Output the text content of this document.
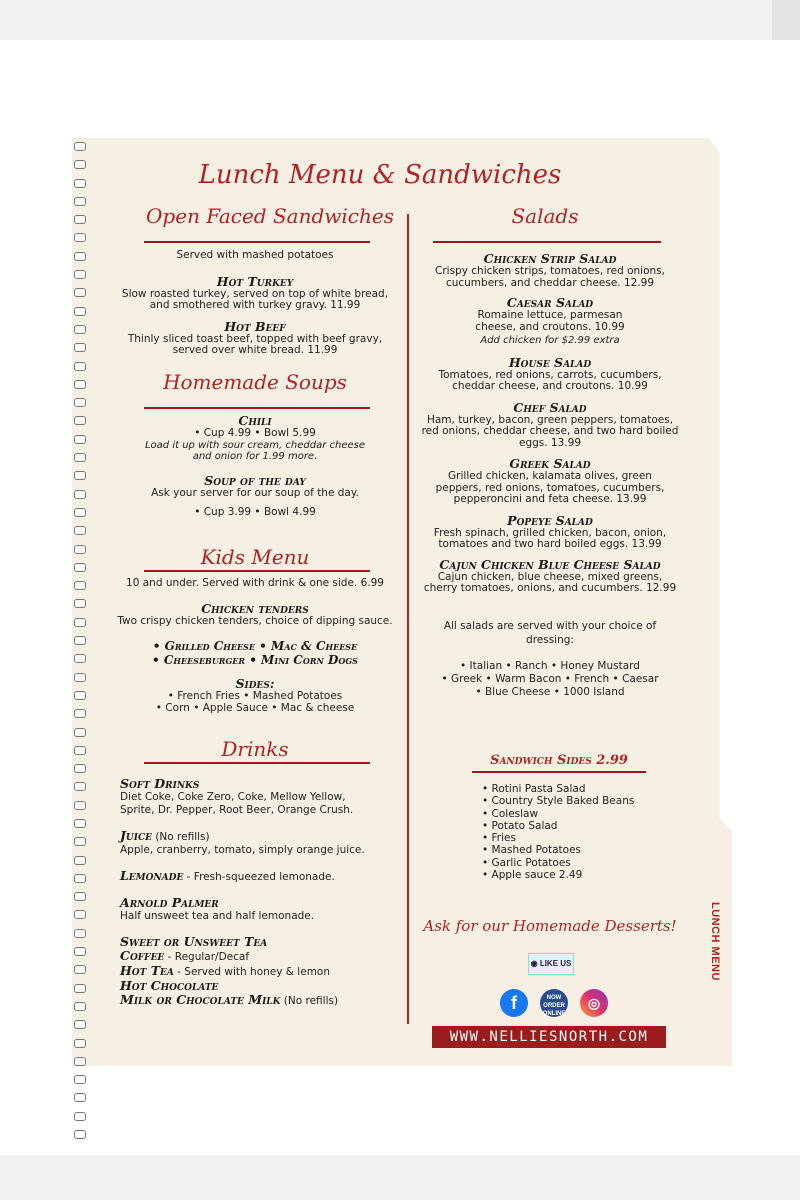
Lunch Menu & Sandwiches
Open Faced Sandwiches
Served with mashed potatoes
Hot Turkey
Slow roasted turkey, served on top of white bread, and smothered with turkey gravy. 11.99
Hot Beef
Thinly sliced toast beef, topped with beef gravy, served over white bread. 11.99
Homemade Soups
Chili
• Cup 4.99 • Bowl 5.99
Load it up with sour cream, cheddar cheese and onion for 1.99 more.
Soup of the day
Ask your server for our soup of the day.
• Cup 3.99 • Bowl 4.99
Kids Menu
10 and under. Served with drink & one side. 6.99
Chicken tenders
Two crispy chicken tenders, choice of dipping sauce.
• Grilled Cheese • Mac & Cheese
• Cheeseburger • Mini Corn Dogs
Sides:
• French Fries • Mashed Potatoes
• Corn • Apple Sauce • Mac & cheese
Drinks
Soft Drinks
Diet Coke, Coke Zero, Coke, Mellow Yellow, Sprite, Dr. Pepper, Root Beer, Orange Crush.
Juice (No refills)
Apple, cranberry, tomato, simply orange juice.
Lemonade - Fresh-squeezed lemonade.
Arnold Palmer
Half unsweet tea and half lemonade.
Sweet or Unsweet Tea
Coffee - Regular/Decaf
Hot Tea - Served with honey & lemon
Hot Chocolate
Milk or Chocolate Milk (No refills)
Salads
Chicken Strip Salad
Crispy chicken strips, tomatoes, red onions, cucumbers, and cheddar cheese. 12.99
Caesar Salad
Romaine lettuce, parmesan cheese, and croutons. 10.99
Add chicken for $2.99 extra
House Salad
Tomatoes, red onions, carrots, cucumbers, cheddar cheese, and croutons. 10.99
Chef Salad
Ham, turkey, bacon, green peppers, tomatoes, red onions, cheddar cheese, and two hard boiled eggs. 13.99
Greek Salad
Grilled chicken, kalamata olives, green peppers, red onions, tomatoes, cucumbers, pepperoncini and feta cheese. 13.99
Popeye Salad
Fresh spinach, grilled chicken, bacon, onion, tomatoes and two hard boiled eggs. 13.99
Cajun Chicken Blue Cheese Salad
Cajun chicken, blue cheese, mixed greens, cherry tomatoes, onions, and cucumbers. 12.99
All salads are served with your choice of dressing:
• Italian • Ranch • Honey Mustard
• Greek • Warm Bacon • French • Caesar
• Blue Cheese • 1000 Island
Sandwich Sides 2.99
• Rotini Pasta Salad
• Country Style Baked Beans
• Coleslaw
• Potato Salad
• Fries
• Mashed Potatoes
• Garlic Potatoes
• Apple sauce 2.49
Ask for our Homemade Desserts!
◉ LIKE US
f	NOW ORDER ONLINE
◎
WWW.NELLIESNORTH.COM
LUNCH MENU
